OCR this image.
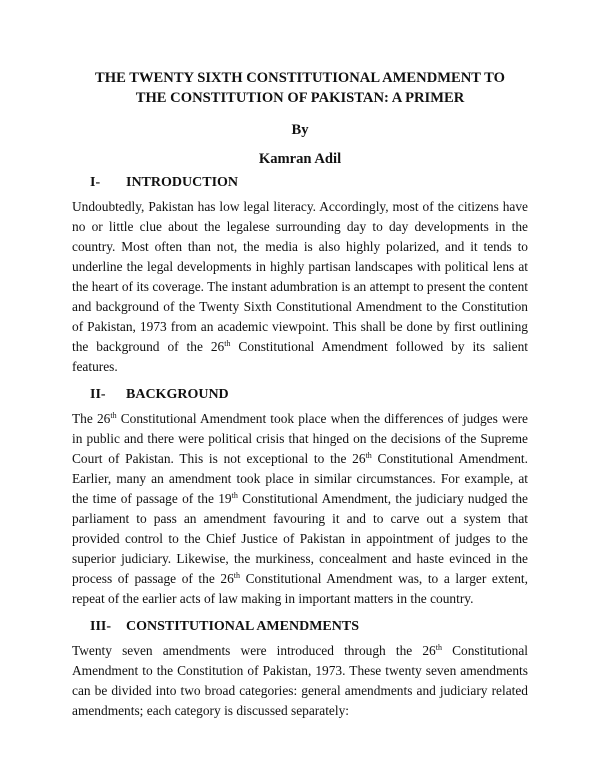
THE TWENTY SIXTH CONSTITUTIONAL AMENDMENT TO
THE CONSTITUTION OF PAKISTAN: A PRIMER
By
Kamran Adil
I-	INTRODUCTION

Undoubtedly, Pakistan has low legal literacy. Accordingly, most of the citizens have no or little clue about the legalese surrounding day to day developments in the country. Most often than not, the media is also highly polarized, and it tends to underline the legal developments in highly partisan landscapes with political lens at the heart of its coverage. The instant adumbration is an attempt to present the content and background of the Twenty Sixth Constitutional Amendment to the Constitution of Pakistan, 1973 from an academic viewpoint. This shall be done by first outlining the background of the 26th Constitutional Amendment followed by its salient features.

II-	BACKGROUND

The 26th Constitutional Amendment took place when the differences of judges were in public and there were political crisis that hinged on the decisions of the Supreme Court of Pakistan. This is not exceptional to the 26th Constitutional Amendment. Earlier, many an amendment took place in similar circumstances. For example, at the time of passage of the 19th Constitutional Amendment, the judiciary nudged the parliament to pass an amendment favouring it and to carve out a system that provided control to the Chief Justice of Pakistan in appointment of judges to the superior judiciary. Likewise, the murkiness, concealment and haste evinced in the process of passage of the 26th Constitutional Amendment was, to a larger extent, repeat of the earlier acts of law making in important matters in the country.

III-	CONSTITUTIONAL AMENDMENTS

Twenty seven amendments were introduced through the 26th Constitutional Amendment to the Constitution of Pakistan, 1973. These twenty seven amendments can be divided into two broad categories: general amendments and judiciary related amendments; each category is discussed separately:
